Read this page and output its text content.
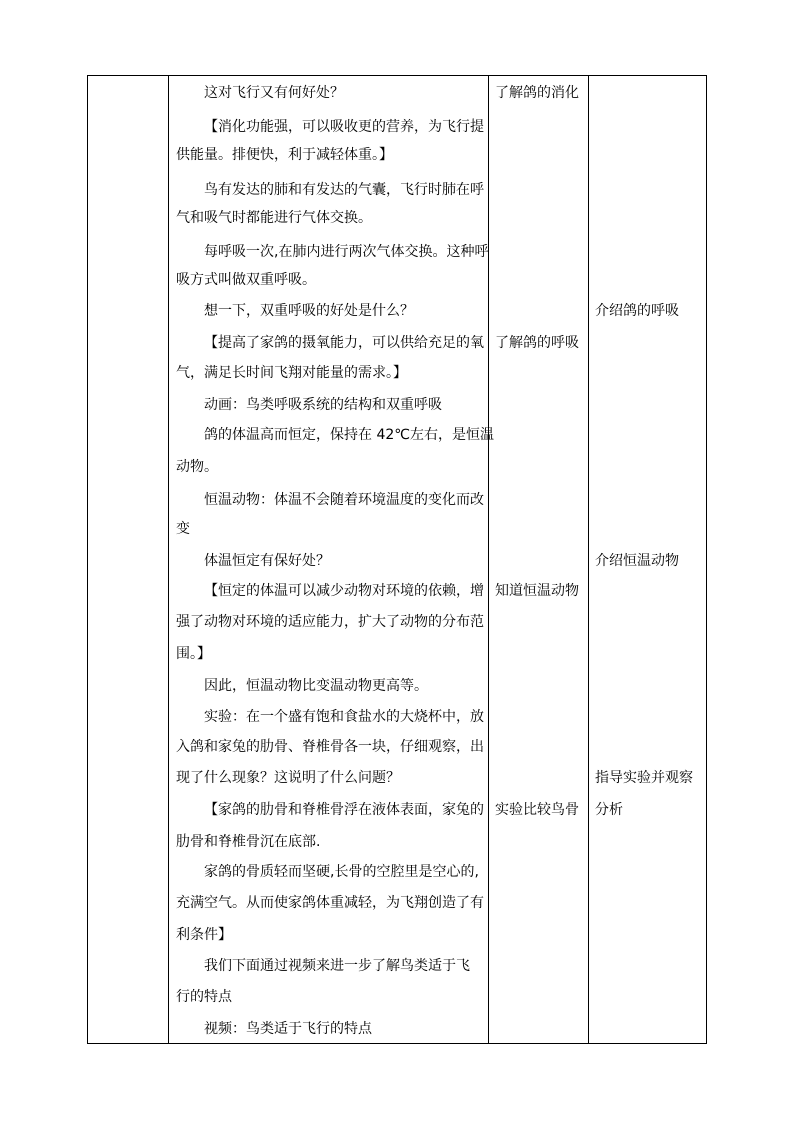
这对飞行又有何好处？
【消化功能强，可以吸收更的营养，为飞行提
供能量。排便快，利于减轻体重。】
鸟有发达的肺和有发达的气囊，飞行时肺在呼
气和吸气时都能进行气体交换。
每呼吸一次,在肺内进行两次气体交换。这种呼
吸方式叫做双重呼吸。
想一下，双重呼吸的好处是什么？
【提高了家鸽的摄氧能力，可以供给充足的氧
气，满足长时间飞翔对能量的需求。】
动画：鸟类呼吸系统的结构和双重呼吸
鸽的体温高而恒定，保持在 42℃左右，是恒温
动物。
恒温动物：体温不会随着环境温度的变化而改
变
体温恒定有保好处？
【恒定的体温可以减少动物对环境的依赖，增
强了动物对环境的适应能力，扩大了动物的分布范
围。】
因此，恒温动物比变温动物更高等。
实验：在一个盛有饱和食盐水的大烧杯中，放
入鸽和家兔的肋骨、脊椎骨各一块，仔细观察，出
现了什么现象？这说明了什么问题？
【家鸽的肋骨和脊椎骨浮在液体表面，家兔的
肋骨和脊椎骨沉在底部.
家鸽的骨质轻而坚硬,长骨的空腔里是空心的,
充满空气。从而使家鸽体重减轻，为飞翔创造了有
利条件】
我们下面通过视频来进一步了解鸟类适于飞
行的特点
视频：鸟类适于飞行的特点
了解鸽的消化
了解鸽的呼吸
知道恒温动物
实验比较鸟骨
介绍鸽的呼吸
介绍恒温动物
指导实验并观察
分析
